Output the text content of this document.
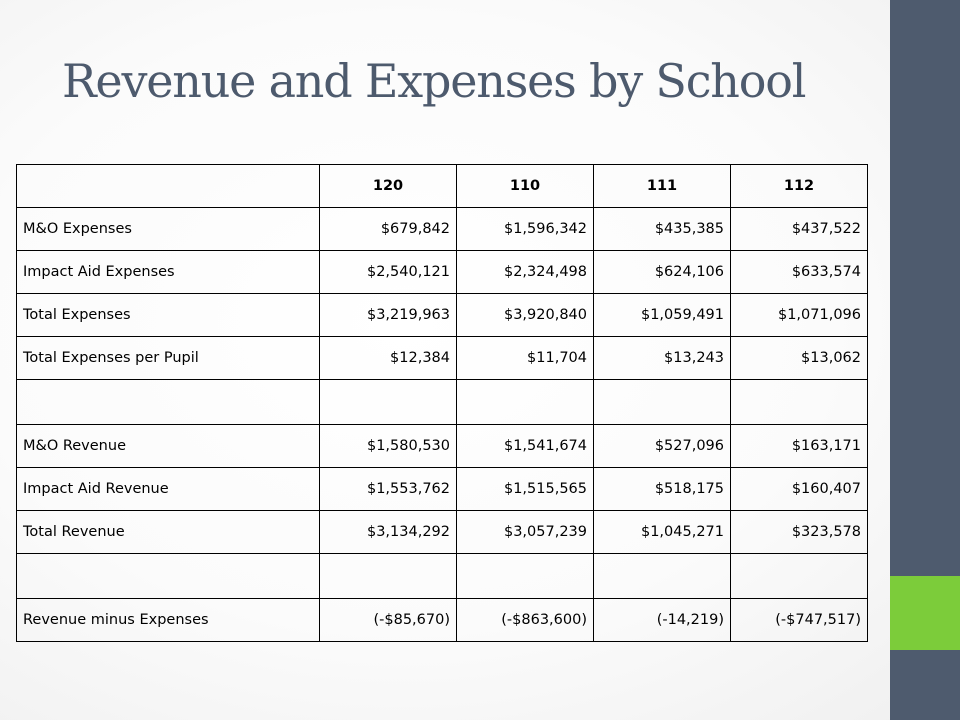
Revenue and Expenses by School
	120	110	111	112
M&O Expenses	$679,842	$1,596,342	$435,385	$437,522
Impact Aid Expenses	$2,540,121	$2,324,498	$624,106	$633,574
Total Expenses	$3,219,963	$3,920,840	$1,059,491	$1,071,096
Total Expenses per Pupil	$12,384	$11,704	$13,243	$13,062

M&O Revenue	$1,580,530	$1,541,674	$527,096	$163,171
Impact Aid Revenue	$1,553,762	$1,515,565	$518,175	$160,407
Total Revenue	$3,134,292	$3,057,239	$1,045,271	$323,578

Revenue minus Expenses	(-$85,670)	(-$863,600)	(-14,219)	(-$747,517)
